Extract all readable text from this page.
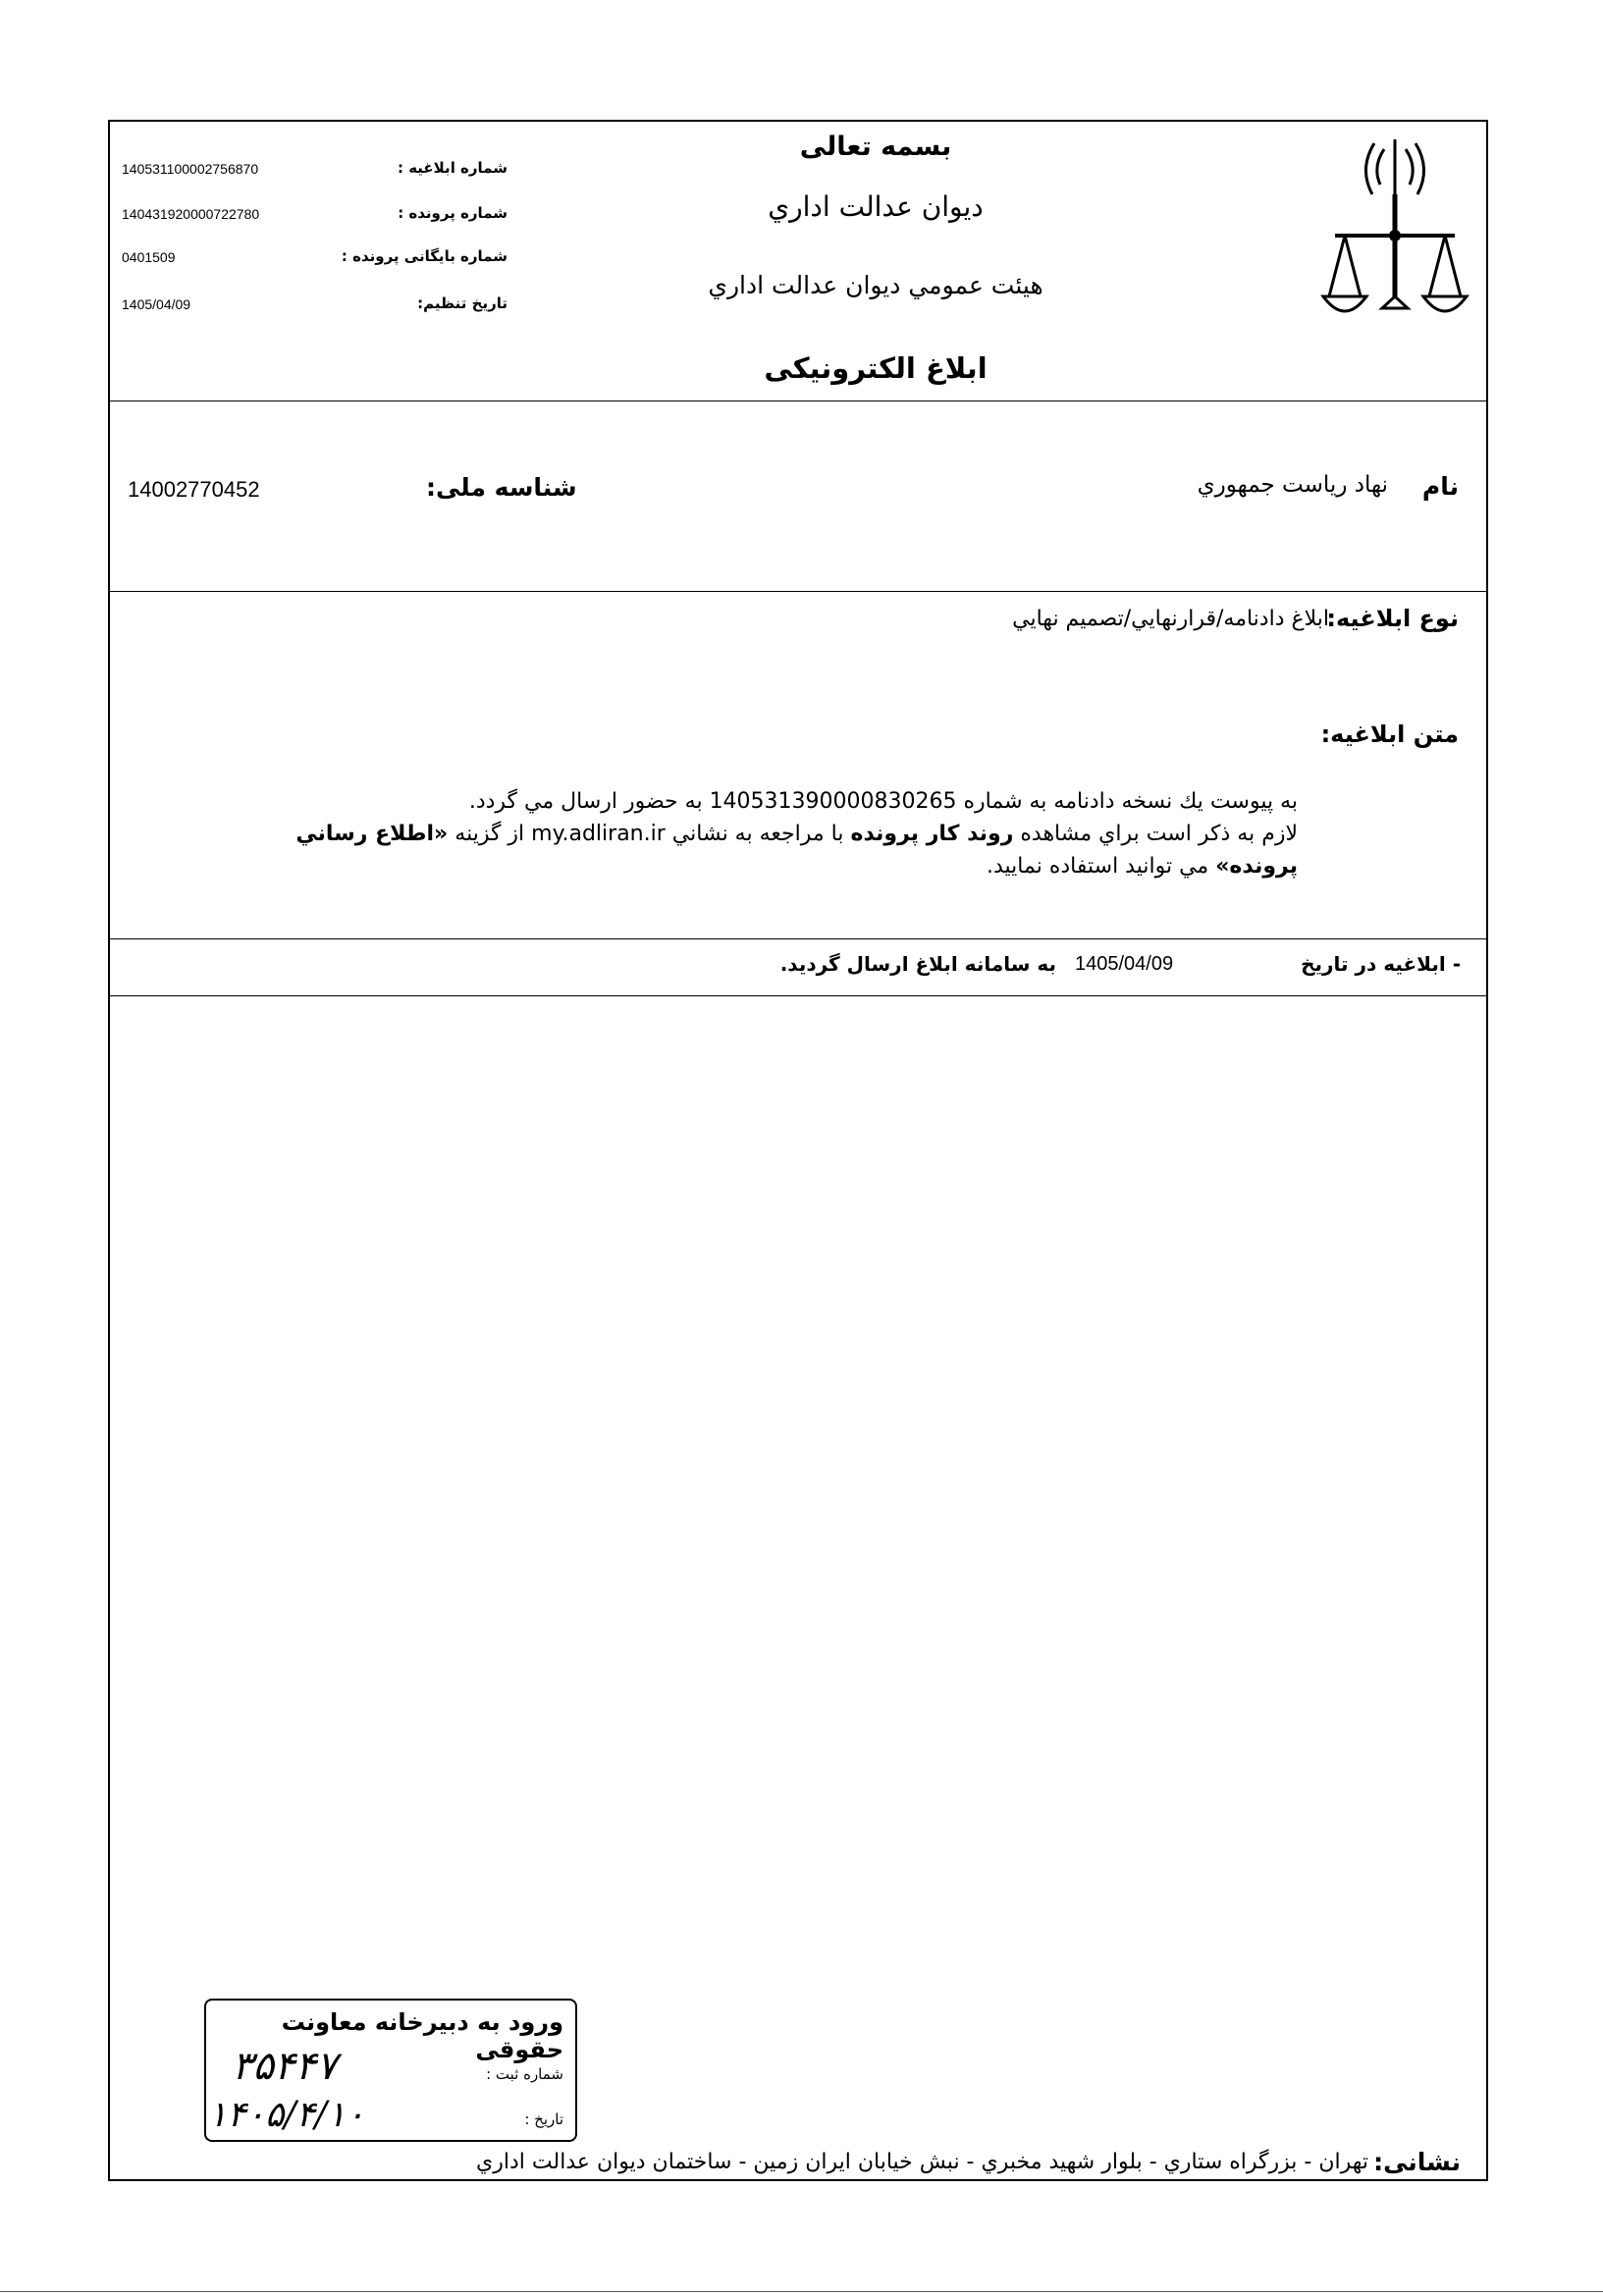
140531100002756870	شماره ابلاغیه :
140431920000722780	شماره پرونده :
0401509	شماره بایگانی پرونده :
1405/04/09	تاریخ تنظیم:
بسمه تعالی
ديوان عدالت اداري
هيئت عمومي ديوان عدالت اداري
ابلاغ الکترونیکی
نام
نهاد رياست جمهوري
شناسه ملی:
14002770452
نوع ابلاغيه:
ابلاغ دادنامه/قرارنهايي/تصميم نهايي
متن ابلاغيه:
به پيوست يك نسخه دادنامه به شماره 140531390000830265 به حضور ارسال مي گردد.
لازم به ذكر است براي مشاهده روند كار پرونده با مراجعه به نشاني my.adliran.ir از گزينه «اطلاع رساني
پرونده» مي توانيد استفاده نماييد.
- ابلاغيه در تاريخ
1405/04/09
به سامانه ابلاغ ارسال گرديد.
نشانی:
تهران - بزرگراه ستاري - بلوار شهيد مخبري - نبش خيابان ايران زمين - ساختمان ديوان عدالت اداري
ورود به دبیرخانه معاونت حقوقی
شماره ثبت :
۳۵۴۴۷
تاریخ :
۱۴۰۵/۴/۱۰
